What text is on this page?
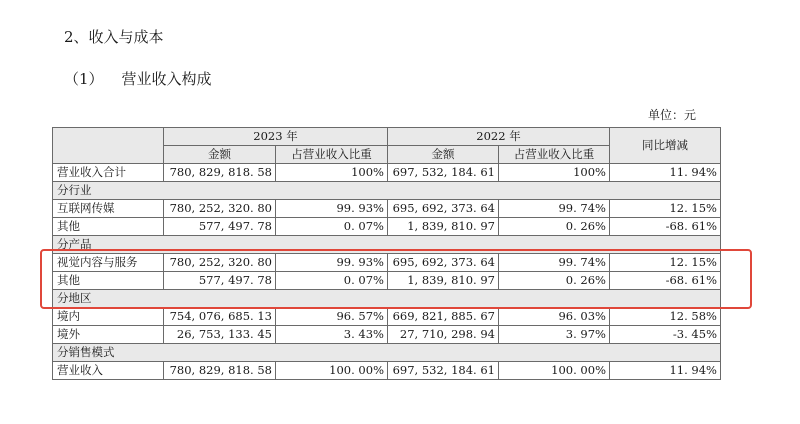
2、收入与成本
（1） 营业收入构成
单位：元
	2023 年		2022 年		同比增减
	金额	占营业收入比重	金额	占营业收入比重	
营业收入合计	780, 829, 818. 58	100%	697, 532, 184. 61	100%	11. 94%
分行业					
互联网传媒	780, 252, 320. 80	99. 93%	695, 692, 373. 64	99. 74%	12. 15%
其他	577, 497. 78	0. 07%	1, 839, 810. 97	0. 26%	-68. 61%
分产品					
视觉内容与服务	780, 252, 320. 80	99. 93%	695, 692, 373. 64	99. 74%	12. 15%
其他	577, 497. 78	0. 07%	1, 839, 810. 97	0. 26%	-68. 61%
分地区					
境内	754, 076, 685. 13	96. 57%	669, 821, 885. 67	96. 03%	12. 58%
境外	26, 753, 133. 45	3. 43%	27, 710, 298. 94	3. 97%	-3. 45%
分销售模式					
营业收入	780, 829, 818. 58	100. 00%	697, 532, 184. 61	100. 00%	11. 94%
